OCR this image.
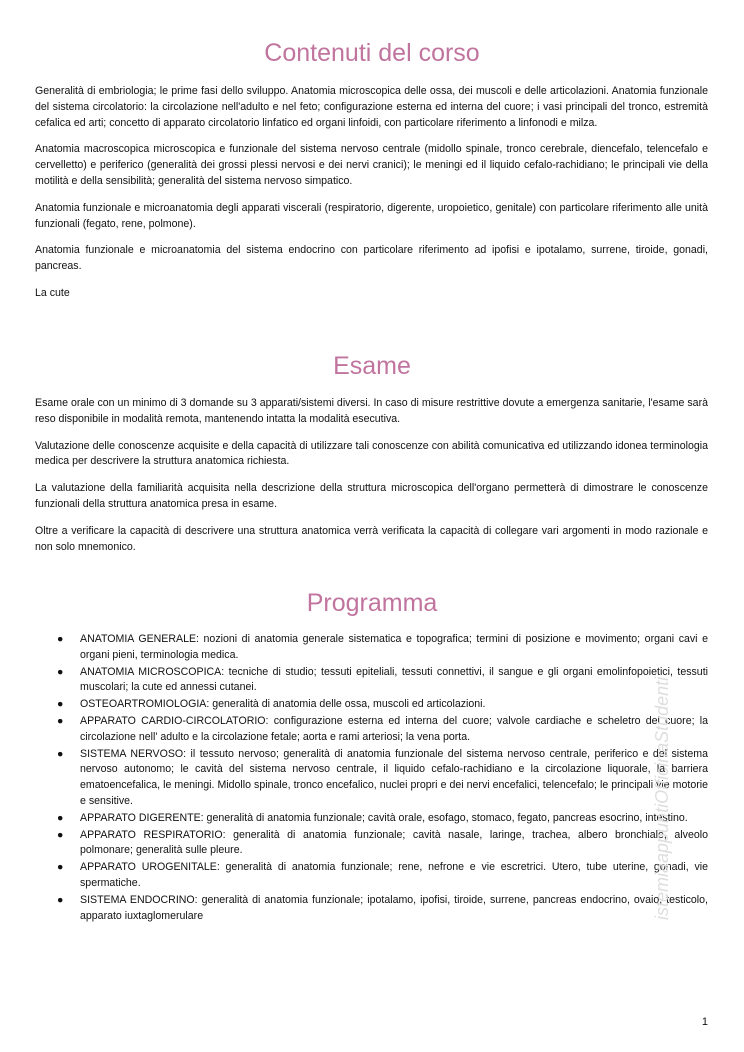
Contenuti del corso

Generalità di embriologia; le prime fasi dello sviluppo. Anatomia microscopica delle ossa, dei muscoli e delle articolazioni. Anatomia funzionale del sistema circolatorio: la circolazione nell'adulto e nel feto; configurazione esterna ed interna del cuore; i vasi principali del tronco, estremità cefalica ed arti; concetto di apparato circolatorio linfatico ed organi linfoidi, con particolare riferimento a linfonodi e milza.

Anatomia macroscopica microscopica e funzionale del sistema nervoso centrale (midollo spinale, tronco cerebrale, diencefalo, telencefalo e cervelletto) e periferico (generalità dei grossi plessi nervosi e dei nervi cranici); le meningi ed il liquido cefalo-rachidiano; le principali vie della motilità e della sensibilità; generalità del sistema nervoso simpatico.

Anatomia funzionale e microanatomia degli apparati viscerali (respiratorio, digerente, uropoietico, genitale) con particolare riferimento alle unità funzionali (fegato, rene, polmone).

Anatomia funzionale e microanatomia del sistema endocrino con particolare riferimento ad ipofisi e ipotalamo, surrene, tiroide, gonadi, pancreas.

La cute

Esame

Esame orale con un minimo di 3 domande su 3 apparati/sistemi diversi. In caso di misure restrittive dovute a emergenza sanitarie, l'esame sarà reso disponibile in modalità remota, mantenendo intatta la modalità esecutiva.

Valutazione delle conoscenze acquisite e della capacità di utilizzare tali conoscenze con abilità comunicativa ed utilizzando idonea terminologia medica per descrivere la struttura anatomica richiesta.

La valutazione della familiarità acquisita nella descrizione della struttura microscopica dell'organo permetterà di dimostrare le conoscenze funzionali della struttura anatomica presa in esame.

Oltre a verificare la capacità di descrivere una struttura anatomica verrà verificata la capacità di collegare vari argomenti in modo razionale e non solo mnemonico.

Programma
● ANATOMIA GENERALE: nozioni di anatomia generale sistematica e topografica; termini di posizione e movimento; organi cavi e organi pieni, terminologia medica.
● ANATOMIA MICROSCOPICA: tecniche di studio; tessuti epiteliali, tessuti connettivi, il sangue e gli organi emolinfopoietici, tessuti muscolari; la cute ed annessi cutanei.
● OSTEOARTROMIOLOGIA: generalità di anatomia delle ossa, muscoli ed articolazioni.
● APPARATO CARDIO-CIRCOLATORIO: configurazione esterna ed interna del cuore; valvole cardiache e scheletro del cuore; la circolazione nell' adulto e la circolazione fetale; aorta e rami arteriosi; la vena porta.
● SISTEMA NERVOSO: il tessuto nervoso; generalità di anatomia funzionale del sistema nervoso centrale, periferico e del sistema nervoso autonomo; le cavità del sistema nervoso centrale, il liquido cefalo-rachidiano e la circolazione liquorale, la barriera ematoencefalica, le meningi. Midollo spinale, tronco encefalico, nuclei propri e dei nervi encefalici, telencefalo; le principali vie motorie e sensitive.
● APPARATO DIGERENTE: generalità di anatomia funzionale; cavità orale, esofago, stomaco, fegato, pancreas esocrino, intestino.
● APPARATO RESPIRATORIO: generalità di anatomia funzionale; cavità nasale, laringe, trachea, albero bronchiale, alveolo polmonare; generalità sulle pleure.
● APPARATO UROGENITALE: generalità di anatomia funzionale; rene, nefrone e vie escretrici. Utero, tube uterine, gonadi, vie spermatiche.
● SISTEMA ENDOCRINO: generalità di anatomia funzionale; ipotalamo, ipofisi, tiroide, surrene, pancreas endocrino, ovaio, testicolo, apparato iuxtaglomerulare	istemiaappuntiOfficinaStudenti
1
